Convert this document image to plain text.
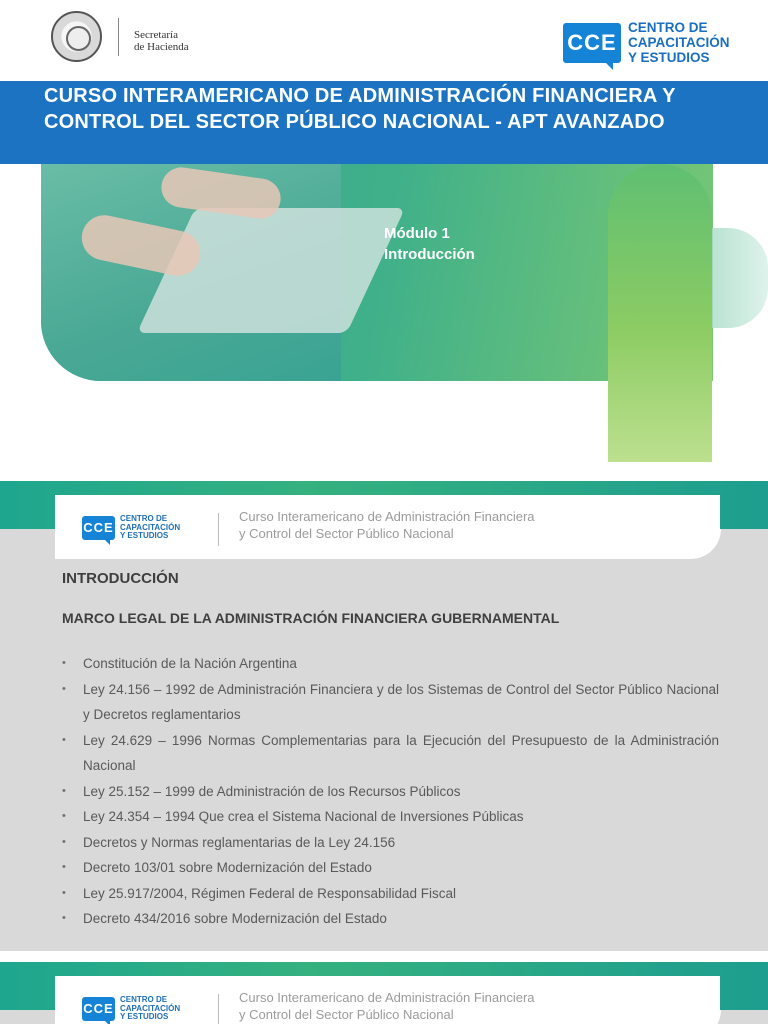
Secretaría
de Hacienda	CCE
CENTRO DE
CAPACITACIÓN
Y ESTUDIOS
Módulo 1
Introducción
CURSO INTERAMERICANO DE ADMINISTRACIÓN FINANCIERA Y
CONTROL DEL SECTOR PÚBLICO NACIONAL - APT AVANZADO
CCE
CENTRO DE
CAPACITACIÓN
Y ESTUDIOS
Curso Interamericano de Administración Financiera
y Control del Sector Público Nacional
INTRODUCCIÓN
MARCO LEGAL DE LA ADMINISTRACIÓN FINANCIERA GUBERNAMENTAL
• Constitución de la Nación Argentina
• Ley 24.156 – 1992 de Administración Financiera y de los Sistemas de Control del Sector Público Nacional y Decretos reglamentarios
• Ley 24.629 – 1996 Normas Complementarias para la Ejecución del Presupuesto de la Administración Nacional
• Ley 25.152 – 1999 de Administración de los Recursos Públicos
• Ley 24.354 – 1994 Que crea el Sistema Nacional de Inversiones Públicas
• Decretos y Normas reglamentarias de la Ley 24.156
• Decreto 103/01 sobre Modernización del Estado
• Ley 25.917/2004, Régimen Federal de Responsabilidad Fiscal
• Decreto 434/2016 sobre Modernización del Estado
CCE
CENTRO DE
CAPACITACIÓN
Y ESTUDIOS
Curso Interamericano de Administración Financiera
y Control del Sector Público Nacional
